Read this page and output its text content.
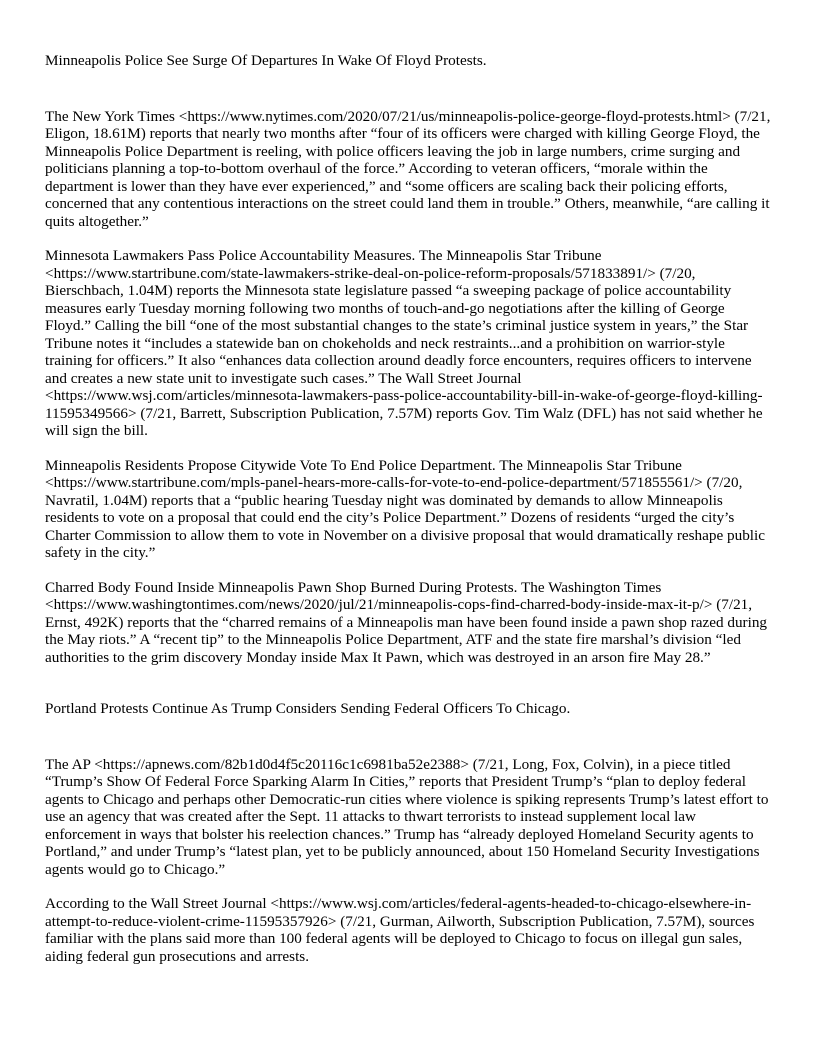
Minneapolis Police See Surge Of Departures In Wake Of Floyd Protests.

The New York Times <https://www.nytimes.com/2020/07/21/us/minneapolis-police-george-floyd-protests.html> (7/21, Eligon, 18.61M) reports that nearly two months after “four of its officers were charged with killing George Floyd, the Minneapolis Police Department is reeling, with police officers leaving the job in large numbers, crime surging and politicians planning a top-to-bottom overhaul of the force.” According to veteran officers, “morale within the department is lower than they have ever experienced,” and “some officers are scaling back their policing efforts, concerned that any contentious interactions on the street could land them in trouble.” Others, meanwhile, “are calling it quits altogether.”

Minnesota Lawmakers Pass Police Accountability Measures. The Minneapolis Star Tribune <https://www.startribune.com/state-lawmakers-strike-deal-on-police-reform-proposals/571833891/> (7/20, Bierschbach, 1.04M) reports the Minnesota state legislature passed “a sweeping package of police accountability measures early Tuesday morning following two months of touch-and-go negotiations after the killing of George Floyd.” Calling the bill “one of the most substantial changes to the state’s criminal justice system in years,” the Star Tribune notes it “includes a statewide ban on chokeholds and neck restraints...and a prohibition on warrior-style training for officers.” It also “enhances data collection around deadly force encounters, requires officers to intervene and creates a new state unit to investigate such cases.” The Wall Street Journal <https://www.wsj.com/articles/minnesota-lawmakers-pass-police-accountability-bill-in-wake-of-george-floyd-killing-11595349566> (7/21, Barrett, Subscription Publication, 7.57M) reports Gov. Tim Walz (DFL) has not said whether he will sign the bill.

Minneapolis Residents Propose Citywide Vote To End Police Department. The Minneapolis Star Tribune <https://www.startribune.com/mpls-panel-hears-more-calls-for-vote-to-end-police-department/571855561/> (7/20, Navratil, 1.04M) reports that a “public hearing Tuesday night was dominated by demands to allow Minneapolis residents to vote on a proposal that could end the city’s Police Department.” Dozens of residents “urged the city’s Charter Commission to allow them to vote in November on a divisive proposal that would dramatically reshape public safety in the city.”

Charred Body Found Inside Minneapolis Pawn Shop Burned During Protests. The Washington Times <https://www.washingtontimes.com/news/2020/jul/21/minneapolis-cops-find-charred-body-inside-max-it-p/> (7/21, Ernst, 492K) reports that the “charred remains of a Minneapolis man have been found inside a pawn shop razed during the May riots.” A “recent tip” to the Minneapolis Police Department, ATF and the state fire marshal’s division “led authorities to the grim discovery Monday inside Max It Pawn, which was destroyed in an arson fire May 28.”

Portland Protests Continue As Trump Considers Sending Federal Officers To Chicago.

The AP <https://apnews.com/82b1d0d4f5c20116c1c6981ba52e2388> (7/21, Long, Fox, Colvin), in a piece titled “Trump’s Show Of Federal Force Sparking Alarm In Cities,” reports that President Trump’s “plan to deploy federal agents to Chicago and perhaps other Democratic-run cities where violence is spiking represents Trump’s latest effort to use an agency that was created after the Sept. 11 attacks to thwart terrorists to instead supplement local law enforcement in ways that bolster his reelection chances.” Trump has “already deployed Homeland Security agents to Portland,” and under Trump’s “latest plan, yet to be publicly announced, about 150 Homeland Security Investigations agents would go to Chicago.”

According to the Wall Street Journal <https://www.wsj.com/articles/federal-agents-headed-to-chicago-elsewhere-in-attempt-to-reduce-violent-crime-11595357926> (7/21, Gurman, Ailworth, Subscription Publication, 7.57M), sources familiar with the plans said more than 100 federal agents will be deployed to Chicago to focus on illegal gun sales, aiding federal gun prosecutions and arrests.
